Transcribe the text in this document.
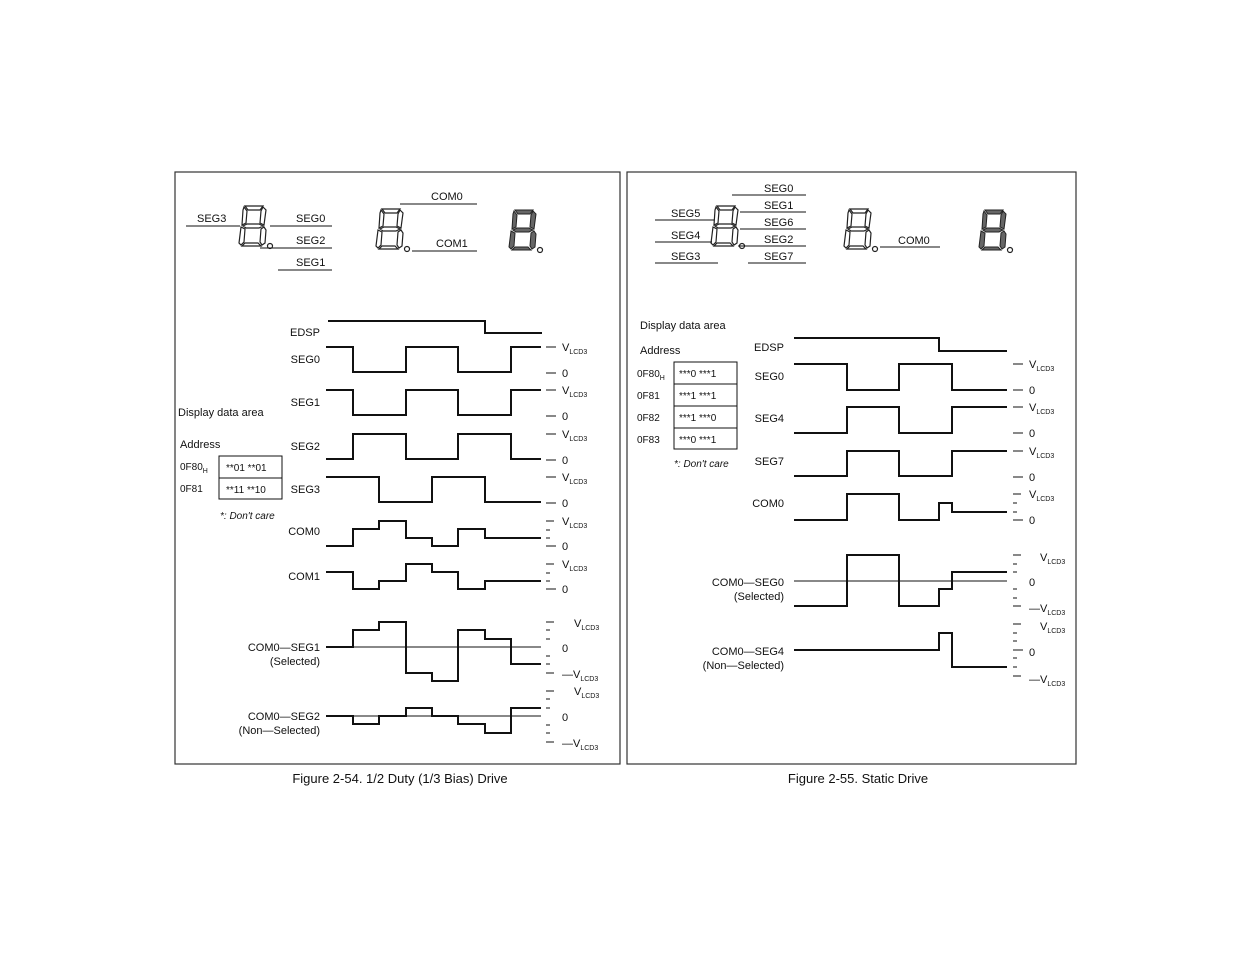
SEG3	SEG0
SEG2
SEG1
COM0
COM1
Display data area
Address
$0F80_H$ **01 **01
0F81 **11 **10
*: Don't care
EDSP
SEG0
SEG1
SEG2
SEG3
COM0
COM1
COM0—SEG1
(Selected)
COM0—SEG2
(Non—Selected)
$V_{LCD3}$
0
$V_{LCD3}$
0
$V_{LCD3}$
0
$V_{LCD3}$
0
$V_{LCD3}$
0
$V_{LCD3}$
0
$V_{LCD3}$
0
$—V_{LCD3}$
$V_{LCD3}$
0
$—V_{LCD3}$
Figure 2-54. 1/2 Duty (1/3 Bias) Drive
SEG0
SEG1
SEG5
SEG6
SEG4	SEG2
SEG3	SEG7
COM0
Display data area
Address
$0F80_H$ ***0 ***1
0F81 ***1 ***1
0F82 ***1 ***0
0F83 ***0 ***1
*: Don't care
EDSP
SEG0
SEG4
SEG7
COM0
COM0—SEG0
(Selected)
COM0—SEG4
(Non—Selected)
$V_{LCD3}$
0
$V_{LCD3}$
0
$V_{LCD3}$
0
$V_{LCD3}$
0
$V_{LCD3}$
0
$—V_{LCD3}$
$V_{LCD3}$
0
$—V_{LCD3}$
Figure 2-55. Static Drive
